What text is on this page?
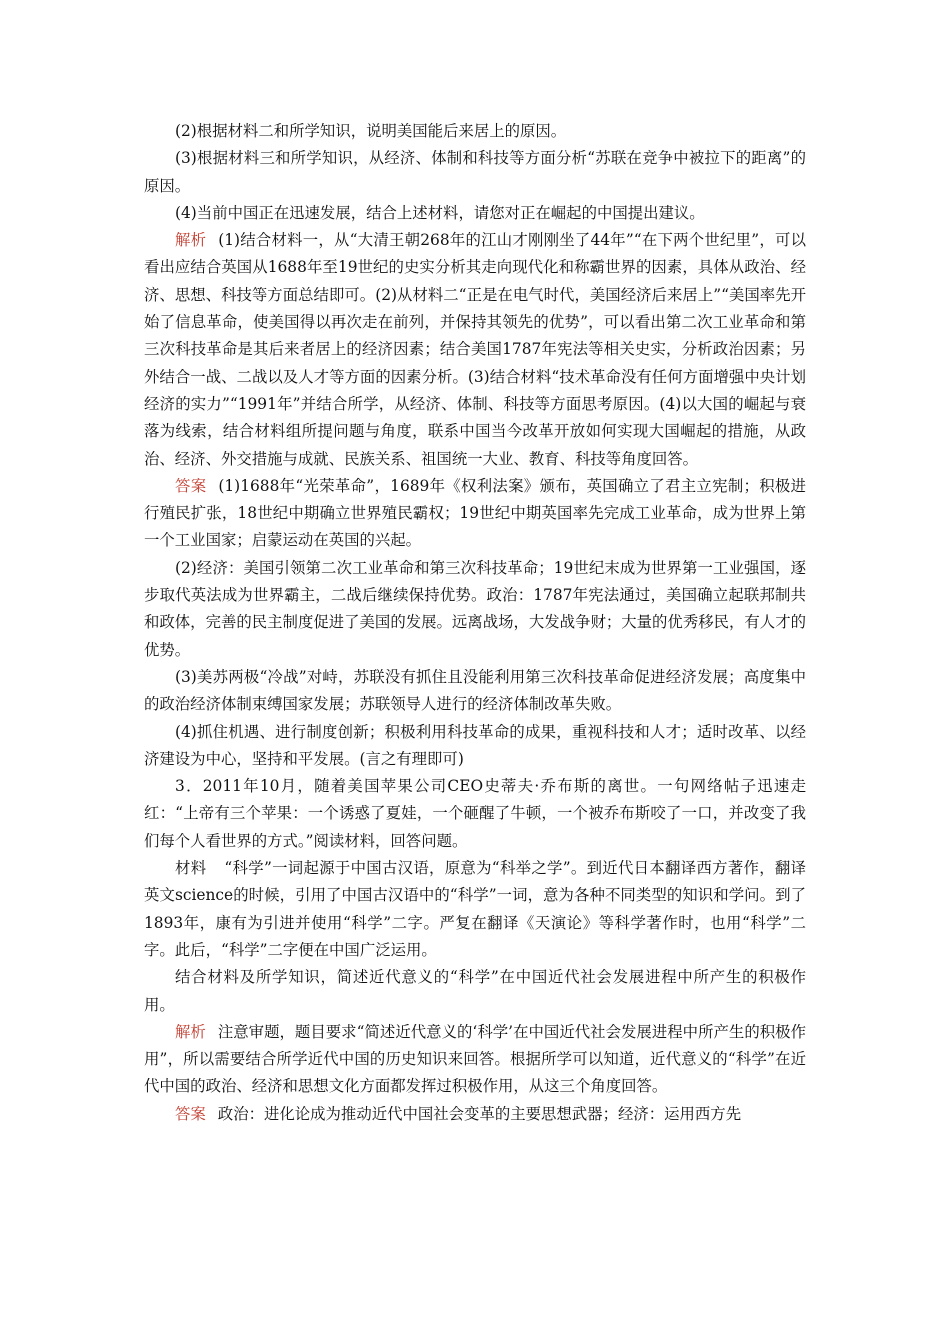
(2)根据材料二和所学知识，说明美国能后来居上的原因。

(3)根据材料三和所学知识，从经济、体制和科技等方面分析“苏联在竞争中被拉下的距离”的原因。

(4)当前中国正在迅速发展，结合上述材料，请您对正在崛起的中国提出建议。

解析 (1)结合材料一，从“大清王朝268年的江山才刚刚坐了44年”“在下两个世纪里”，可以看出应结合英国从1688年至19世纪的史实分析其走向现代化和称霸世界的因素，具体从政治、经济、思想、科技等方面总结即可。(2)从材料二“正是在电气时代，美国经济后来居上”“美国率先开始了信息革命，使美国得以再次走在前列，并保持其领先的优势”，可以看出第二次工业革命和第三次科技革命是其后来者居上的经济因素；结合美国1787年宪法等相关史实，分析政治因素；另外结合一战、二战以及人才等方面的因素分析。(3)结合材料“技术革命没有任何方面增强中央计划经济的实力”“1991年”并结合所学，从经济、体制、科技等方面思考原因。(4)以大国的崛起与衰落为线索，结合材料组所提问题与角度，联系中国当今改革开放如何实现大国崛起的措施，从政治、经济、外交措施与成就、民族关系、祖国统一大业、教育、科技等角度回答。

答案 (1)1688年“光荣革命”，1689年《权利法案》颁布，英国确立了君主立宪制；积极进行殖民扩张，18世纪中期确立世界殖民霸权；19世纪中期英国率先完成工业革命，成为世界上第一个工业国家；启蒙运动在英国的兴起。

(2)经济：美国引领第二次工业革命和第三次科技革命；19世纪末成为世界第一工业强国，逐步取代英法成为世界霸主，二战后继续保持优势。政治：1787年宪法通过，美国确立起联邦制共和政体，完善的民主制度促进了美国的发展。远离战场，大发战争财；大量的优秀移民，有人才的优势。

(3)美苏两极“冷战”对峙，苏联没有抓住且没能利用第三次科技革命促进经济发展；高度集中的政治经济体制束缚国家发展；苏联领导人进行的经济体制改革失败。

(4)抓住机遇、进行制度创新；积极利用科技革命的成果，重视科技和人才；适时改革、以经济建设为中心，坚持和平发展。(言之有理即可)

3．2011年10月，随着美国苹果公司CEO史蒂夫·乔布斯的离世。一句网络帖子迅速走红：“上帝有三个苹果：一个诱惑了夏娃，一个砸醒了牛顿，一个被乔布斯咬了一口，并改变了我们每个人看世界的方式。”阅读材料，回答问题。

材料 “科学”一词起源于中国古汉语，原意为“科举之学”。到近代日本翻译西方著作，翻译英文science的时候，引用了中国古汉语中的“科学”一词，意为各种不同类型的知识和学问。到了1893年，康有为引进并使用“科学”二字。严复在翻译《天演论》等科学著作时，也用“科学”二字。此后，“科学”二字便在中国广泛运用。

结合材料及所学知识，简述近代意义的“科学”在中国近代社会发展进程中所产生的积极作用。

解析 注意审题，题目要求“简述近代意义的‘科学’在中国近代社会发展进程中所产生的积极作用”，所以需要结合所学近代中国的历史知识来回答。根据所学可以知道，近代意义的“科学”在近代中国的政治、经济和思想文化方面都发挥过积极作用，从这三个角度回答。

答案 政治：进化论成为推动近代中国社会变革的主要思想武器；经济：运用西方先
